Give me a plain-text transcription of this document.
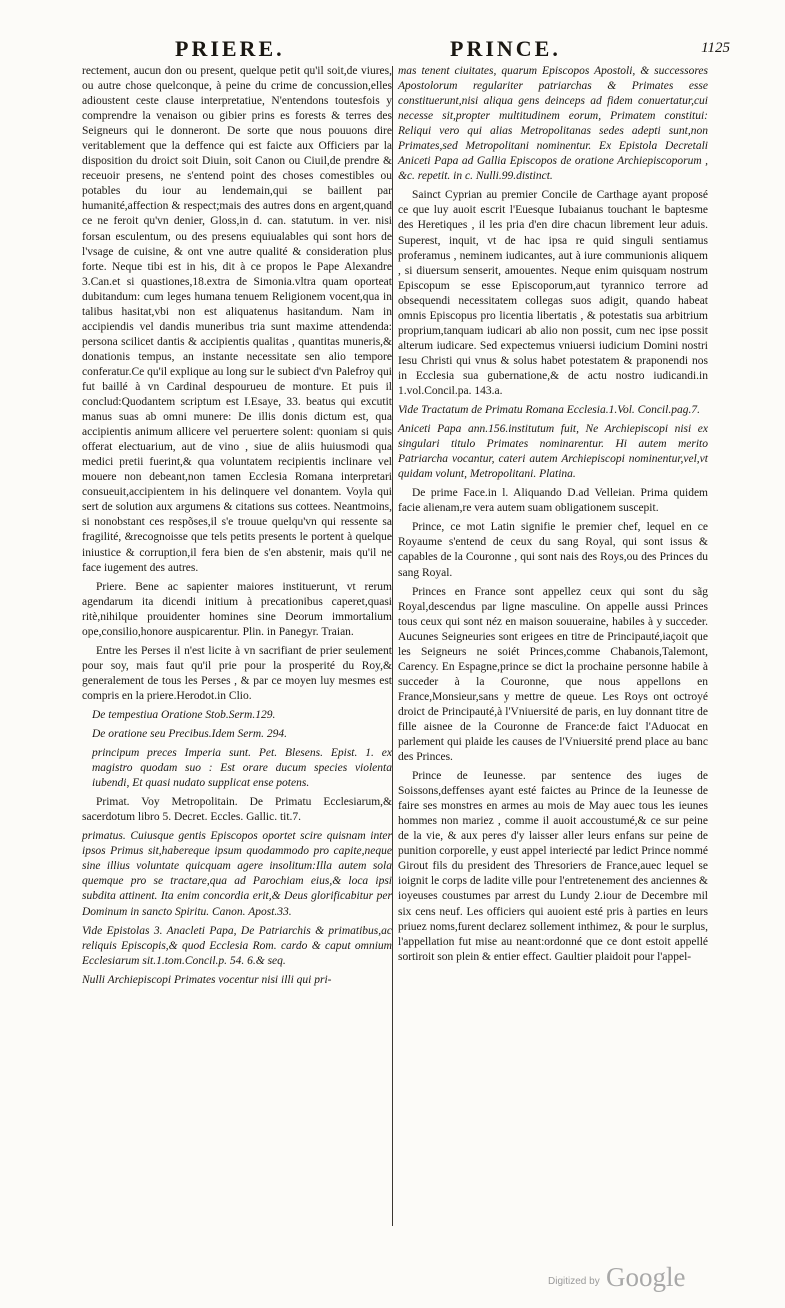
PRIERE.	PRINCE.	1125

rectement, aucun don ou present, quelque petit qu'il soit,de viures, ou autre chose quelconque, à peine du crime de concussion,elles adioustent ceste clause interpretatiue, N'entendons toutesfois y comprendre la venaison ou gibier prins es forests & terres des Seigneurs qui le donneront. De sorte que nous pouuons dire veritablement que la deffence qui est faicte aux Officiers par la disposition du droict soit Diuin, soit Canon ou Ciuil,de prendre & receuoir presens, ne s'entend point des choses comestibles ou potables du iour au lendemain,qui se baillent par humanité,affection & respect;mais des autres dons en argent,quand ce ne feroit qu'vn denier, Gloss,in d. can. statutum. in ver. nisi forsan esculentum, ou des presens equiualables qui sont hors de l'vsage de cuisine, & ont vne autre qualité & consideration plus forte. Neque tibi est in his, dit à ce propos le Pape Alexandre 3.Can.et si quastiones,18.extra de Simonia.vltra quam oporteat dubitandum: cum leges humana tenuem Religionem vocent,qua in talibus hasitat,vbi non est aliquatenus hasitandum. Nam in accipiendis vel dandis muneribus tria sunt maxime attendenda: persona scilicet dantis & accipientis qualitas , quantitas muneris,& donationis tempus, an instante necessitate sen alio tempore conferatur.Ce qu'il explique au long sur le subiect d'vn Palefroy qui fut baillé à vn Cardinal despourueu de monture. Et puis il conclud:Quodantem scriptum est I.Esaye, 33. beatus qui excutit manus suas ab omni munere: De illis donis dictum est, qua accipientis animum allicere vel peruertere solent: quoniam si quis offerat electuarium, aut de vino , siue de aliis huiusmodi qua medici pretii fuerint,& qua voluntatem recipientis inclinare vel mouere non debeant,non tamen Ecclesia Romana interpretari consueuit,accipientem in his delinquere vel donantem. Voyla qui sert de solution aux argumens & citations sus cottees. Neantmoins, si nonobstant ces respõses,il s'e trouue quelqu'vn qui ressente sa fragilité, &recognoisse que tels petits presents le portent à quelque iniustice & corruption,il fera bien de s'en abstenir, mais qu'il ne face iugement des autres.

Priere. Bene ac sapienter maiores instituerunt, vt rerum agendarum ita dicendi initium à precationibus caperet,quasi ritè,nihilque prouidenter homines sine Deorum immortalium ope,consilio,honore auspicarentur. Plin. in Panegyr. Traian.

Entre les Perses il n'est licite à vn sacrifiant de prier seulement pour soy, mais faut qu'il prie pour la prosperité du Roy,& generalement de tous les Perses , & par ce moyen luy mesmes est compris en la priere.Herodot.in Clio.

De tempestiua Oratione Stob.Serm.129.

De oratione seu Precibus.Idem Serm. 294.

principum preces Imperia sunt. Pet. Blesens. Epist. 1. ex magistro quodam suo : Est orare ducum species violenta iubendi, Et quasi nudato supplicat ense potens.

Primat. Voy Metropolitain. De Primatu Ecclesiarum,& sacerdotum libro 5. Decret. Eccles. Gallic. tit.7.

primatus. Cuiusque gentis Episcopos oportet scire quisnam inter ipsos Primus sit,habereque ipsum quodammodo pro capite,neque sine illius voluntate quicquam agere insolitum:Illa autem sola quemque pro se tractare,qua ad Parochiam eius,& loca ipsi subdita attinent. Ita enim concordia erit,& Deus glorificabitur per Dominum in sancto Spiritu. Canon. Apost.33.

Vide Epistolas 3. Anacleti Papa, De Patriarchis & primatibus,ac reliquis Episcopis,& quod Ecclesia Rom. cardo & caput omnium Ecclesiarum sit.1.tom.Concil.p. 54. 6.& seq.

Nulli Archiepiscopi Primates vocentur nisi illi qui pri-

mas tenent ciuitates, quarum Episcopos Apostoli, & successores Apostolorum regulariter patriarchas & Primates esse constituerunt,nisi aliqua gens deinceps ad fidem conuertatur,cui necesse sit,propter multitudinem eorum, Primatem constitui: Reliqui vero qui alias Metropolitanas sedes adepti sunt,non Primates,sed Metropolitani nominentur. Ex Epistola Decretali Aniceti Papa ad Gallia Episcopos de oratione Archiepiscoporum , &c. repetit. in c. Nulli.99.distinct.

Sainct Cyprian au premier Concile de Carthage ayant proposé ce que luy auoit escrit l'Euesque Iubaianus touchant le baptesme des Heretiques , il les pria d'en dire chacun librement leur aduis. Superest, inquit, vt de hac ipsa re quid singuli sentiamus proferamus , neminem iudicantes, aut à iure communionis aliquem , si diuersum senserit, amouentes. Neque enim quisquam nostrum Episcopum se esse Episcoporum,aut tyrannico terrore ad obsequendi necessitatem collegas suos adigit, quando habeat omnis Episcopus pro licentia libertatis , & potestatis sua arbitrium proprium,tanquam iudicari ab alio non possit, cum nec ipse possit alterum iudicare. Sed expectemus vniuersi iudicium Domini nostri Iesu Christi qui vnus & solus habet potestatem & praponendi nos in Ecclesia sua gubernatione,& de actu nostro iudicandi.in 1.vol.Concil.pa. 143.a.

Vide Tractatum de Primatu Romana Ecclesia.1.Vol. Concil.pag.7.

Aniceti Papa ann.156.institutum fuit, Ne Archiepiscopi nisi ex singulari titulo Primates nominarentur. Hi autem merito Patriarcha vocantur, cateri autem Archiepiscopi nominentur,vel,vt quidam volunt, Metropolitani. Platina.

De prime Face.in l. Aliquando D.ad Velleian. Prima quidem facie alienam,re vera autem suam obligationem suscepit.

Prince, ce mot Latin signifie le premier chef, lequel en ce Royaume s'entend de ceux du sang Royal, qui sont issus & capables de la Couronne , qui sont nais des Roys,ou des Princes du sang Royal.

Princes en France sont appellez ceux qui sont du sãg Royal,descendus par ligne masculine. On appelle aussi Princes tous ceux qui sont néz en maison souueraine, habiles à y succeder. Aucunes Seigneuries sont erigees en titre de Principauté,iaçoit que les Seigneurs ne soiét Princes,comme Chabanois,Talemont, Carency. En Espagne,prince se dict la prochaine personne habile à succeder à la Couronne, que nous appellons en France,Monsieur,sans y mettre de queue. Les Roys ont octroyé droict de Principauté,à l'Vniuersité de paris, en luy donnant titre de fille aisnee de la Couronne de France:de faict l'Aduocat en parlement qui plaide les causes de l'Vniuersité prend place au banc des Princes.

Prince de Ieunesse. par sentence des iuges de Soissons,deffenses ayant esté faictes au Prince de la Ieunesse de faire ses monstres en armes au mois de May auec tous les ieunes hommes non mariez , comme il auoit accoustumé,& ce sur peine de la vie, & aux peres d'y laisser aller leurs enfans sur peine de punition corporelle, y eust appel interiecté par ledict Prince nommé Girout fils du president des Thresoriers de France,auec lequel se ioignit le corps de ladite ville pour l'entretenement des anciennes & ioyeuses coustumes par arrest du Lundy 2.iour de Decembre mil six cens neuf. Les officiers qui auoient esté pris à parties en leurs priuez noms,furent declarez sollement inthimez, & pour le surplus, l'appellation fut mise au neant:ordonné que ce dont estoit appellé sortiroit son plein & entier effect. Gaultier plaidoit pour l'appel-

Digitized by Google
